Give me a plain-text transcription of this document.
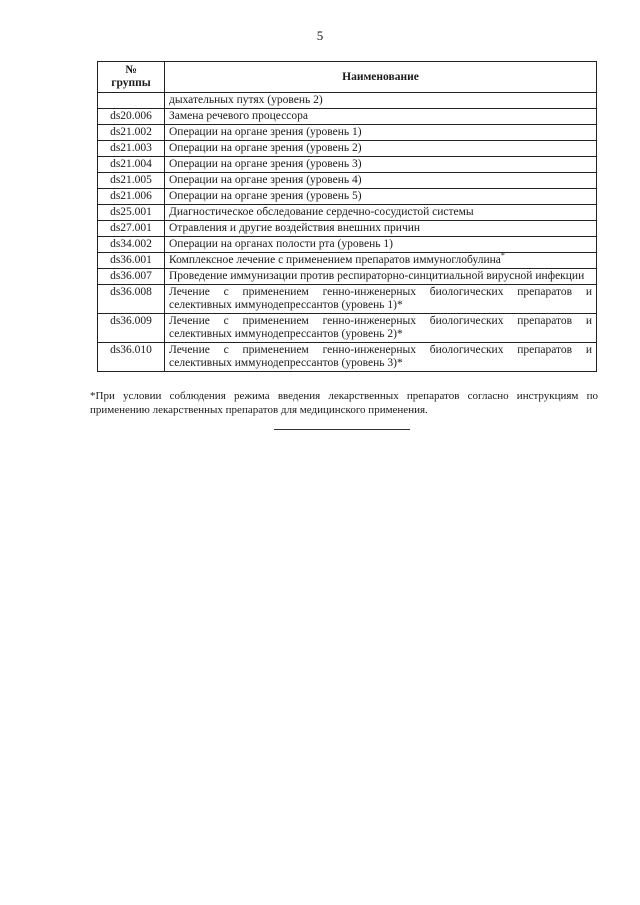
5
№
группы	Наименование
	дыхательных путях (уровень 2)
ds20.006	Замена речевого процессора
ds21.002	Операции на органе зрения (уровень 1)
ds21.003	Операции на органе зрения (уровень 2)
ds21.004	Операции на органе зрения (уровень 3)
ds21.005	Операции на органе зрения (уровень 4)
ds21.006	Операции на органе зрения (уровень 5)
ds25.001	Диагностическое обследование сердечно-сосудистой системы
ds27.001	Отравления и другие воздействия внешних причин
ds34.002	Операции на органах полости рта (уровень 1)
ds36.001	Комплексное лечение с применением препаратов иммуноглобулина*
ds36.007	Проведение иммунизации против респираторно-синцитиальной вирусной инфекции
ds36.008	Лечение с применением генно-инженерных биологических препаратов и селективных иммунодепрессантов (уровень 1)*
ds36.009	Лечение с применением генно-инженерных биологических препаратов и селективных иммунодепрессантов (уровень 2)*
ds36.010	Лечение с применением генно-инженерных биологических препаратов и селективных иммунодепрессантов (уровень 3)*
*При условии соблюдения режима введения лекарственных препаратов согласно инструкциям по применению лекарственных препаратов для медицинского применения.
